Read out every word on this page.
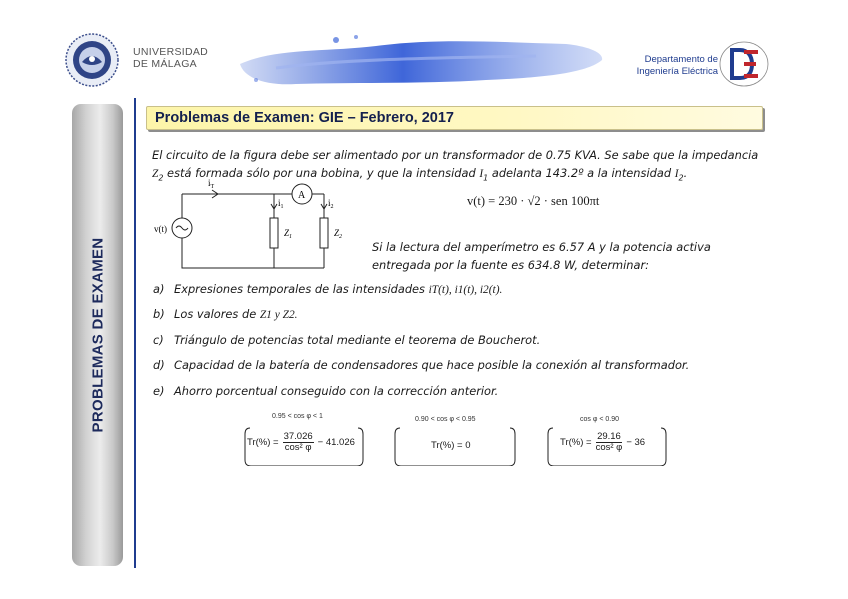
UNIVERSIDAD
DE MÁLAGA	Departamento de
Ingeniería Eléctrica
PROBLEMAS DE EXAMEN
Problemas de Examen: GIE – Febrero, 2017
El circuito de la figura debe ser alimentado por un transformador de 0.75 KVA. Se sabe que la impedancia
$Z_2$ está formada sólo por una bobina, y que la intensidad $I_1$ adelanta 143.2º a la intensidad $I_2$.
A
v(t)
$i_T$
$i_1$	$i_2$
$Z_1$	$Z_2$
v(t) = 230 · √2 · sen 100πt
Si la lectura del amperímetro es 6.57 A y la potencia activa
entregada por la fuente es 634.8 W, determinar:
a) Expresiones temporales de las intensidades iT(t), i1(t), i2(t).
b) Los valores de Z1 y Z2.
c) Triángulo de potencias total mediante el teorema de Boucherot.
d) Capacidad de la batería de condensadores que hace posible la conexión al transformador.
e) Ahorro porcentual conseguido con la corrección anterior.
0.95 < cos φ < 1
$Tr(\%) = \frac{37.026}{\text{cos² φ}} - 41.026$
0.90 < cos φ < 0.95
Tr(%) = 0
cos φ < 0.90
$Tr(\%) = \frac{29.16}{\text{cos² φ}} - 36$
